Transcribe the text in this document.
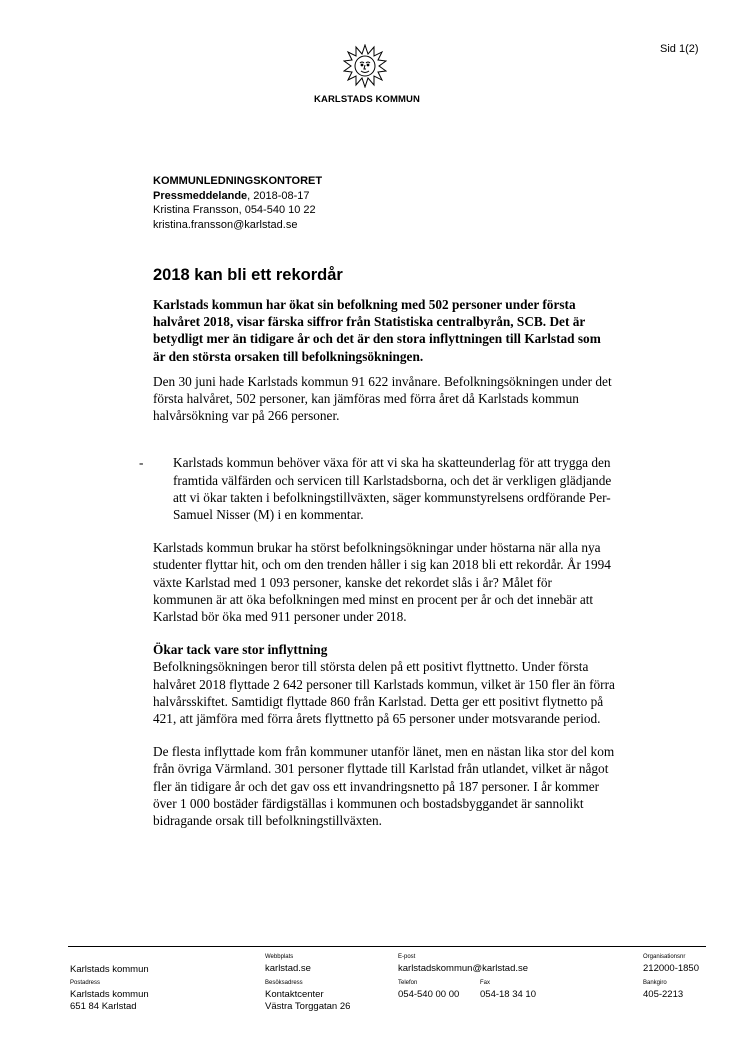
Sid 1(2)
KARLSTADS KOMMUN
KOMMUNLEDNINGSKONTORET
Pressmeddelande, 2018-08-17
Kristina Fransson, 054-540 10 22
kristina.fransson@karlstad.se
2018 kan bli ett rekordår

Karlstads kommun har ökat sin befolkning med 502 personer under första halvåret 2018, visar färska siffror från Statistiska centralbyrån, SCB. Det är betydligt mer än tidigare år och det är den stora inflyttningen till Karlstad som är den största orsaken till befolkningsökningen.

Den 30 juni hade Karlstads kommun 91 622 invånare. Befolkningsökningen under det första halvåret, 502 personer, kan jämföras med förra året då Karlstads kommun halvårsökning var på 266 personer.

- Karlstads kommun behöver växa för att vi ska ha skatteunderlag för att trygga den framtida välfärden och servicen till Karlstadsborna, och det är verkligen glädjande att vi ökar takten i befolkningstillväxten, säger kommunstyrelsens ordförande Per-Samuel Nisser (M) i en kommentar.

Karlstads kommun brukar ha störst befolkningsökningar under höstarna när alla nya studenter flyttar hit, och om den trenden håller i sig kan 2018 bli ett rekordår. År 1994 växte Karlstad med 1 093 personer, kanske det rekordet slås i år? Målet för kommunen är att öka befolkningen med minst en procent per år och det innebär att Karlstad bör öka med 911 personer under 2018.

Ökar tack vare stor inflyttning

Befolkningsökningen beror till största delen på ett positivt flyttnetto. Under första halvåret 2018 flyttade 2 642 personer till Karlstads kommun, vilket är 150 fler än förra halvårsskiftet. Samtidigt flyttade 860 från Karlstad. Detta ger ett positivt flytnetto på 421, att jämföra med förra årets flyttnetto på 65 personer under motsvarande period.

De flesta inflyttade kom från kommuner utanför länet, men en nästan lika stor del kom från övriga Värmland. 301 personer flyttade till Karlstad från utlandet, vilket är något fler än tidigare år och det gav oss ett invandringsnetto på 187 personer. I år kommer över 1 000 bostäder färdigställas i kommunen och bostadsbyggandet är sannolikt bidragande orsak till befolkningstillväxten.

Karlstads kommun
Webbplats
karlstad.se
E-post
karlstadskommun@karlstad.se
Organisationsnr
212000-1850
Postadress
Karlstads kommun
651 84 Karlstad
Besöksadress
Kontaktcenter
Västra Torggatan 26
Telefon
054-540 00 00
Fax
054-18 34 10
Bankgiro
405-2213
